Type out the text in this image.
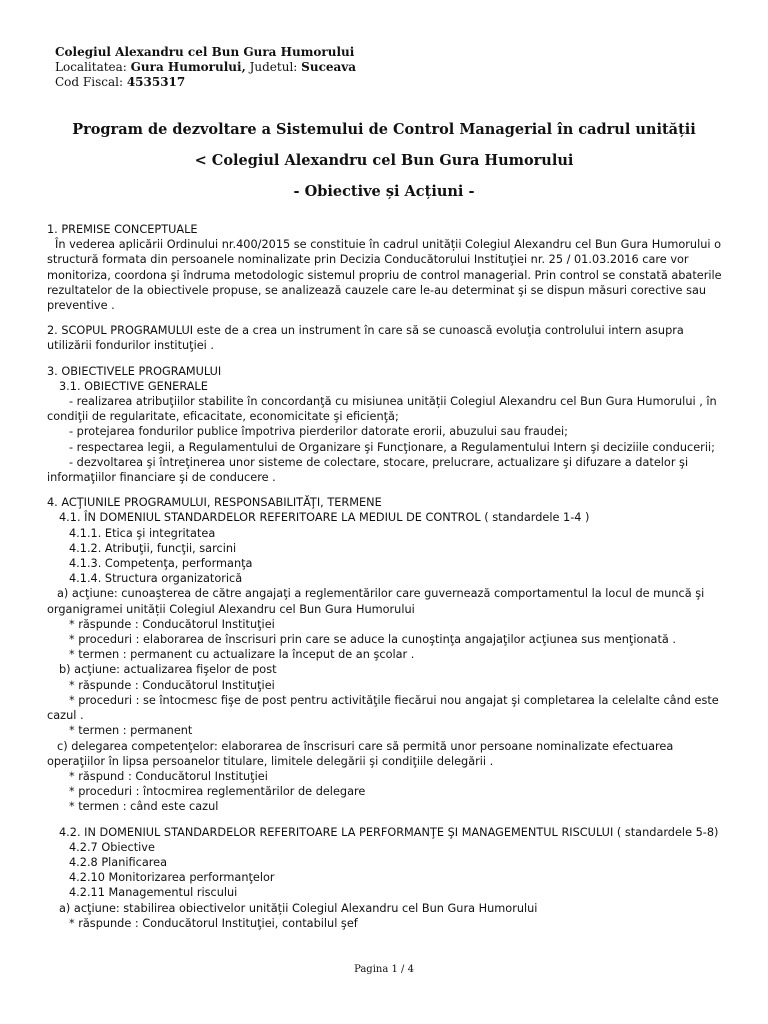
Colegiul Alexandru cel Bun Gura Humorului
Localitatea: Gura Humorului, Judetul: Suceava
Cod Fiscal: 4535317
Program de dezvoltare a Sistemului de Control Managerial în cadrul unității
< Colegiul Alexandru cel Bun Gura Humorului
- Obiective și Acțiuni -

1. PREMISE CONCEPTUALE

În vederea aplicării Ordinului nr.400/2015 se constituie în cadrul unității Colegiul Alexandru cel Bun Gura Humorului o structură formata din persoanele nominalizate prin Decizia Conducătorului Instituţiei nr. 25 / 01.03.2016 care vor monitoriza, coordona şi îndruma metodologic sistemul propriu de control managerial. Prin control se constată abaterile rezultatelor de la obiectivele propuse, se analizează cauzele care le-au determinat şi se dispun măsuri corective sau preventive .

2. SCOPUL PROGRAMULUI este de a crea un instrument în care să se cunoască evoluţia controlului intern asupra utilizării fondurilor instituţiei .

3. OBIECTIVELE PROGRAMULUI

3.1. OBIECTIVE GENERALE

- realizarea atribuţiilor stabilite în concordanţă cu misiunea unității Colegiul Alexandru cel Bun Gura Humorului , în condiţii de regularitate, eficacitate, economicitate şi eficienţă;

- protejarea fondurilor publice împotriva pierderilor datorate erorii, abuzului sau fraudei;

- respectarea legii, a Regulamentului de Organizare şi Funcţionare, a Regulamentului Intern şi deciziile conducerii;

- dezvoltarea şi întreţinerea unor sisteme de colectare, stocare, prelucrare, actualizare şi difuzare a datelor şi informaţiilor financiare şi de conducere .

4. ACŢIUNILE PROGRAMULUI, RESPONSABILITĂŢI, TERMENE

4.1. ÎN DOMENIUL STANDARDELOR REFERITOARE LA MEDIUL DE CONTROL ( standardele 1-4 )

4.1.1. Etica şi integritatea

4.1.2. Atribuţii, funcţii, sarcini

4.1.3. Competenţa, performanţa

4.1.4. Structura organizatorică

a) acţiune: cunoaşterea de către angajaţi a reglementărilor care guvernează comportamentul la locul de muncă şi organigramei unității Colegiul Alexandru cel Bun Gura Humorului

* răspunde : Conducătorul Instituţiei

* proceduri : elaborarea de înscrisuri prin care se aduce la cunoştinţa angajaţilor acţiunea sus menţionată .

* termen : permanent cu actualizare la început de an şcolar .

b) acţiune: actualizarea fişelor de post

* răspunde : Conducătorul Instituţiei

* proceduri : se întocmesc fişe de post pentru activităţile fiecărui nou angajat şi completarea la celelalte când este cazul .

* termen : permanent

c) delegarea competenţelor: elaborarea de înscrisuri care să permită unor persoane nominalizate efectuarea operaţiilor în lipsa persoanelor titulare, limitele delegării şi condiţiile delegării .

* răspund : Conducătorul Instituţiei

* proceduri : întocmirea reglementărilor de delegare

* termen : când este cazul

4.2. IN DOMENIUL STANDARDELOR REFERITOARE LA PERFORMANŢE ŞI MANAGEMENTUL RISCULUI ( standardele 5-8)

4.2.7 Obiective

4.2.8 Planificarea

4.2.10 Monitorizarea performanţelor

4.2.11 Managementul riscului

a) acţiune: stabilirea obiectivelor unității Colegiul Alexandru cel Bun Gura Humorului

* răspunde : Conducătorul Instituţiei, contabilul şef

Pagina 1 / 4
